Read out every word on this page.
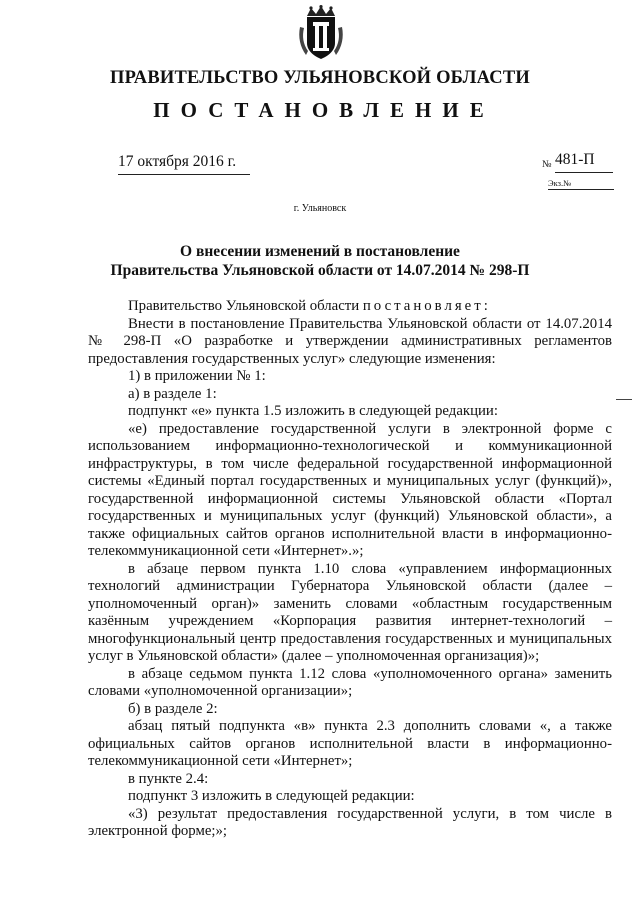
ПРАВИТЕЛЬСТВО УЛЬЯНОВСКОЙ ОБЛАСТИ
ПОСТАНОВЛЕНИЕ
17 октября 2016 г.	№ 481-П
Экз.№
г. Ульяновск
О внесении изменений в постановление
Правительства Ульяновской области от 14.07.2014 № 298-П

Правительство Ульяновской области постановляет:

Внести в постановление Правительства Ульяновской области от 14.07.2014 № 298-П «О разработке и утверждении административных регламентов предоставления государственных услуг» следующие изменения:

1) в приложении № 1:

а) в разделе 1:

подпункт «е» пункта 1.5 изложить в следующей редакции:

«е) предоставление государственной услуги в электронной форме с использованием информационно-технологической и коммуникационной инфраструктуры, в том числе федеральной государственной информационной системы «Единый портал государственных и муниципальных услуг (функций)», государственной информационной системы Ульяновской области «Портал государственных и муниципальных услуг (функций) Ульяновской области», а также официальных сайтов органов исполнительной власти в информационно-телекоммуникационной сети «Интернет».»;

в абзаце первом пункта 1.10 слова «управлением информационных технологий администрации Губернатора Ульяновской области (далее – уполномоченный орган)» заменить словами «областным государственным казённым учреждением «Корпорация развития интернет-технологий – многофункциональный центр предоставления государственных и муниципальных услуг в Ульяновской области» (далее – уполномоченная организация)»;

в абзаце седьмом пункта 1.12 слова «уполномоченного органа» заменить словами «уполномоченной организации»;

б) в разделе 2:

абзац пятый подпункта «в» пункта 2.3 дополнить словами «, а также официальных сайтов органов исполнительной власти в информационно-телекоммуникационной сети «Интернет»;

в пункте 2.4:

подпункт 3 изложить в следующей редакции:

«3) результат предоставления государственной услуги, в том числе в электронной форме;»;
